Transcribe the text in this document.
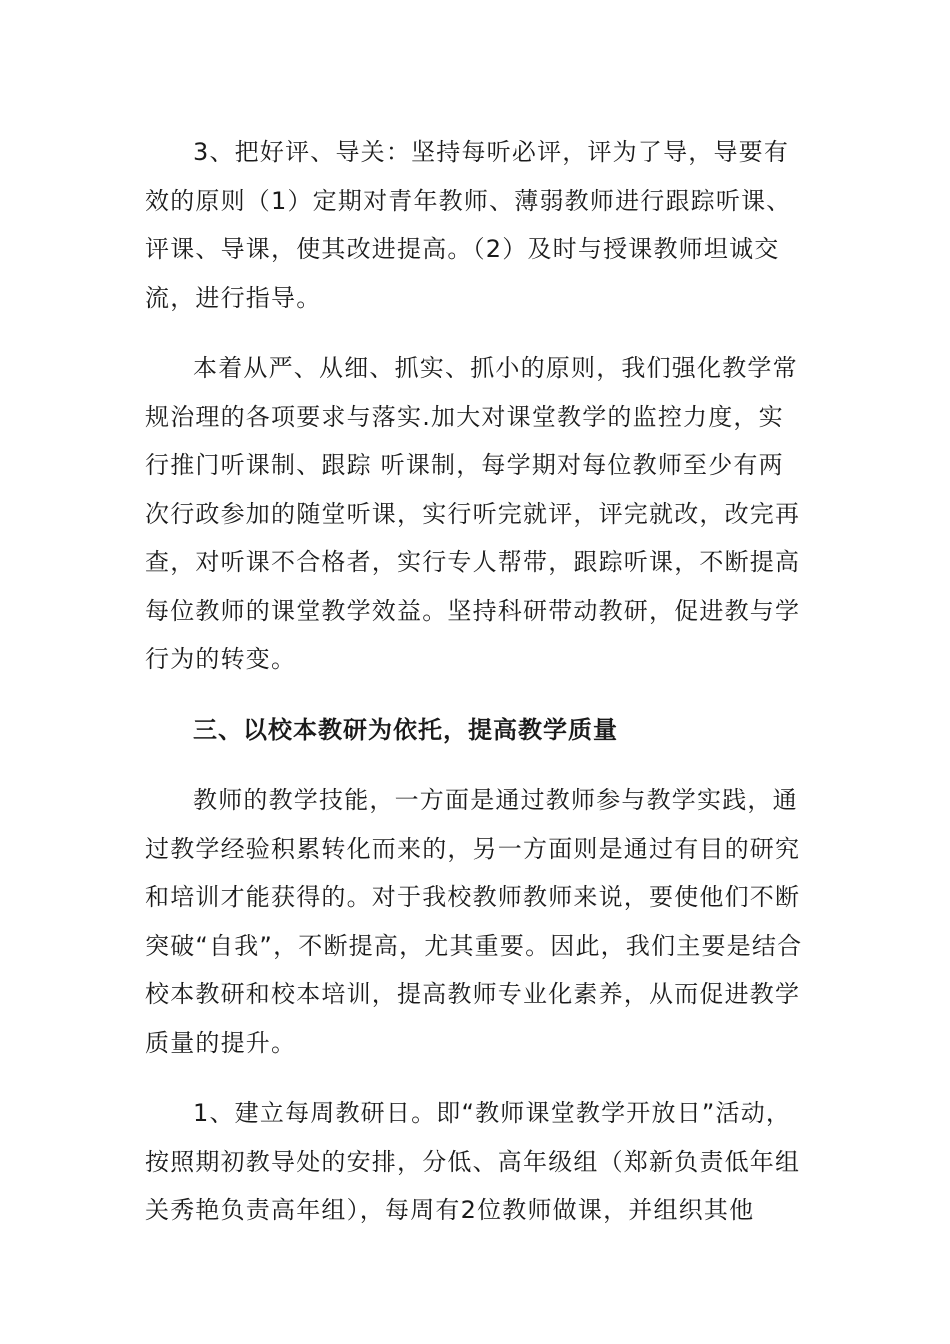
3、把好评、导关：坚持每听必评，评为了导，导要有效的原则（1）定期对青年教师、薄弱教师进行跟踪听课、评课、导课，使其改进提高。（2）及时与授课教师坦诚交流，进行指导。

本着从严、从细、抓实、抓小的原则，我们强化教学常规治理的各项要求与落实.加大对课堂教学的监控力度，实行推门听课制、跟踪 听课制，每学期对每位教师至少有两次行政参加的随堂听课，实行听完就评，评完就改，改完再查，对听课不合格者，实行专人帮带，跟踪听课，不断提高每位教师的课堂教学效益。坚持科研带动教研，促进教与学行为的转变。

三、以校本教研为依托，提高教学质量

教师的教学技能，一方面是通过教师参与教学实践，通过教学经验积累转化而来的，另一方面则是通过有目的研究和培训才能获得的。对于我校教师教师来说，要使他们不断突破“自我”，不断提高，尤其重要。因此，我们主要是结合校本教研和校本培训，提高教师专业化素养，从而促进教学质量的提升。

1、建立每周教研日。即“教师课堂教学开放日”活动，按照期初教导处的安排，分低、高年级组（郑新负责低年组关秀艳负责高年组），每周有2位教师做课，并组织其他
